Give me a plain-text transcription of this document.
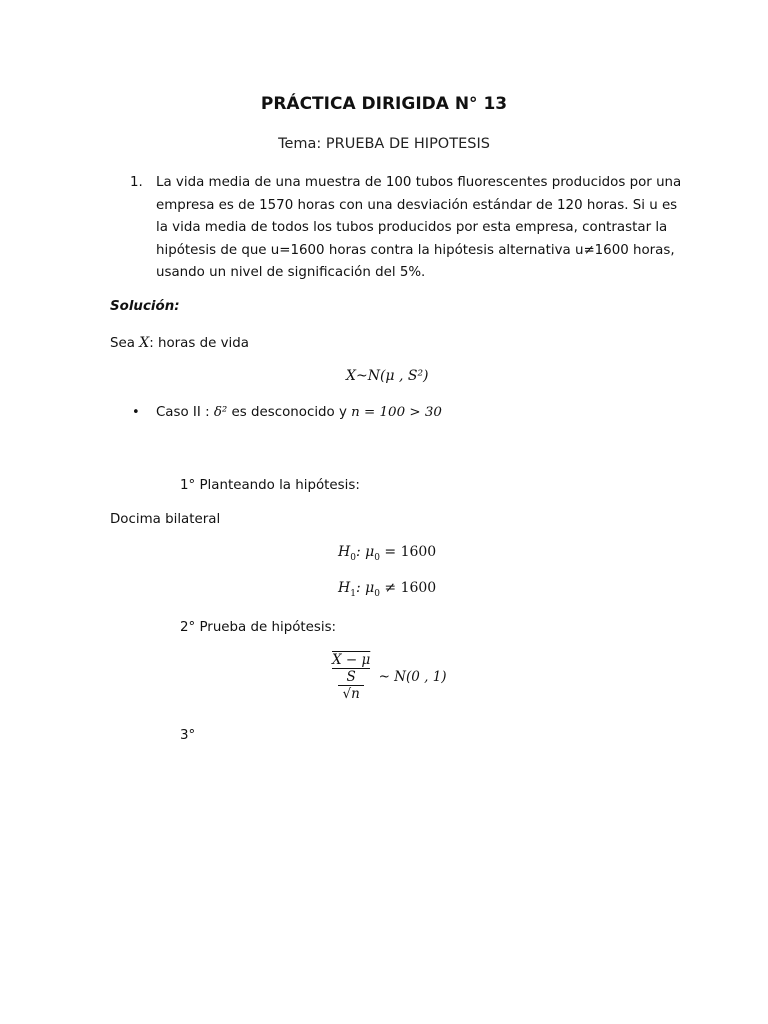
PRÁCTICA DIRIGIDA N° 13
Tema: PRUEBA DE HIPOTESIS
1. La vida media de una muestra de 100 tubos fluorescentes producidos por una
empresa es de 1570 horas con una desviación estándar de 120 horas. Si u es
la vida media de todos los tubos producidos por esta empresa, contrastar la
hipótesis de que u=1600 horas contra la hipótesis alternativa u≠1600 horas,
usando un nivel de significación del 5%.
Solución:
Sea X: horas de vida
X~N(μ , S²)
• Caso II : δ² es desconocido y n = 100 > 30
1° Planteando la hipótesis:
Docima bilateral
$H_0$: $\mu_0 = 1600$
$H_1$: $\mu_0 \ne 1600$
2° Prueba de hipótesis:
X − μ
S
√n ~ N(0 , 1)
3°
